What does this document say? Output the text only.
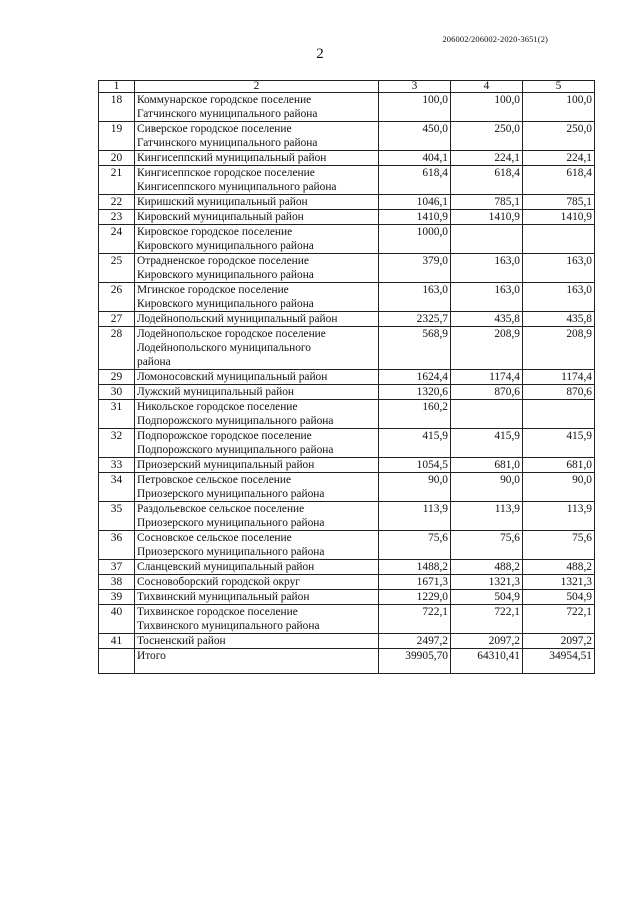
206002/206002-2020-3651(2)
2
1	2	3	4	5
18	Коммунарское городское поселение
Гатчинского муниципального района	100,0	100,0	100,0
19	Сиверское городское поселение
Гатчинского муниципального района	450,0	250,0	250,0
20	Кингисеппский муниципальный район	404,1	224,1	224,1
21	Кингисеппское городское поселение
Кингисеппского муниципального района	618,4	618,4	618,4
22	Киришский муниципальный район	1046,1	785,1	785,1
23	Кировский муниципальный район	1410,9	1410,9	1410,9
24	Кировское городское поселение
Кировского муниципального района	1000,0		
25	Отрадненское городское поселение
Кировского муниципального района	379,0	163,0	163,0
26	Мгинское городское поселение
Кировского муниципального района	163,0	163,0	163,0
27	Лодейнопольский муниципальный район	2325,7	435,8	435,8
28	Лодейнопольское городское поселение
Лодейнопольского муниципального
района	568,9	208,9	208,9
29	Ломоносовский муниципальный район	1624,4	1174,4	1174,4
30	Лужский муниципальный район	1320,6	870,6	870,6
31	Никольское городское поселение
Подпорожского муниципального района	160,2		
32	Подпорожское городское поселение
Подпорожского муниципального района	415,9	415,9	415,9
33	Приозерский муниципальный район	1054,5	681,0	681,0
34	Петровское сельское поселение
Приозерского муниципального района	90,0	90,0	90,0
35	Раздольевское сельское поселение
Приозерского муниципального района	113,9	113,9	113,9
36	Сосновское сельское поселение
Приозерского муниципального района	75,6	75,6	75,6
37	Сланцевский муниципальный район	1488,2	488,2	488,2
38	Сосновоборский городской округ	1671,3	1321,3	1321,3
39	Тихвинский муниципальный район	1229,0	504,9	504,9
40	Тихвинское городское поселение
Тихвинского муниципального района	722,1	722,1	722,1
41	Тосненский район	2497,2	2097,2	2097,2
	Итого	39905,70	64310,41	34954,51
